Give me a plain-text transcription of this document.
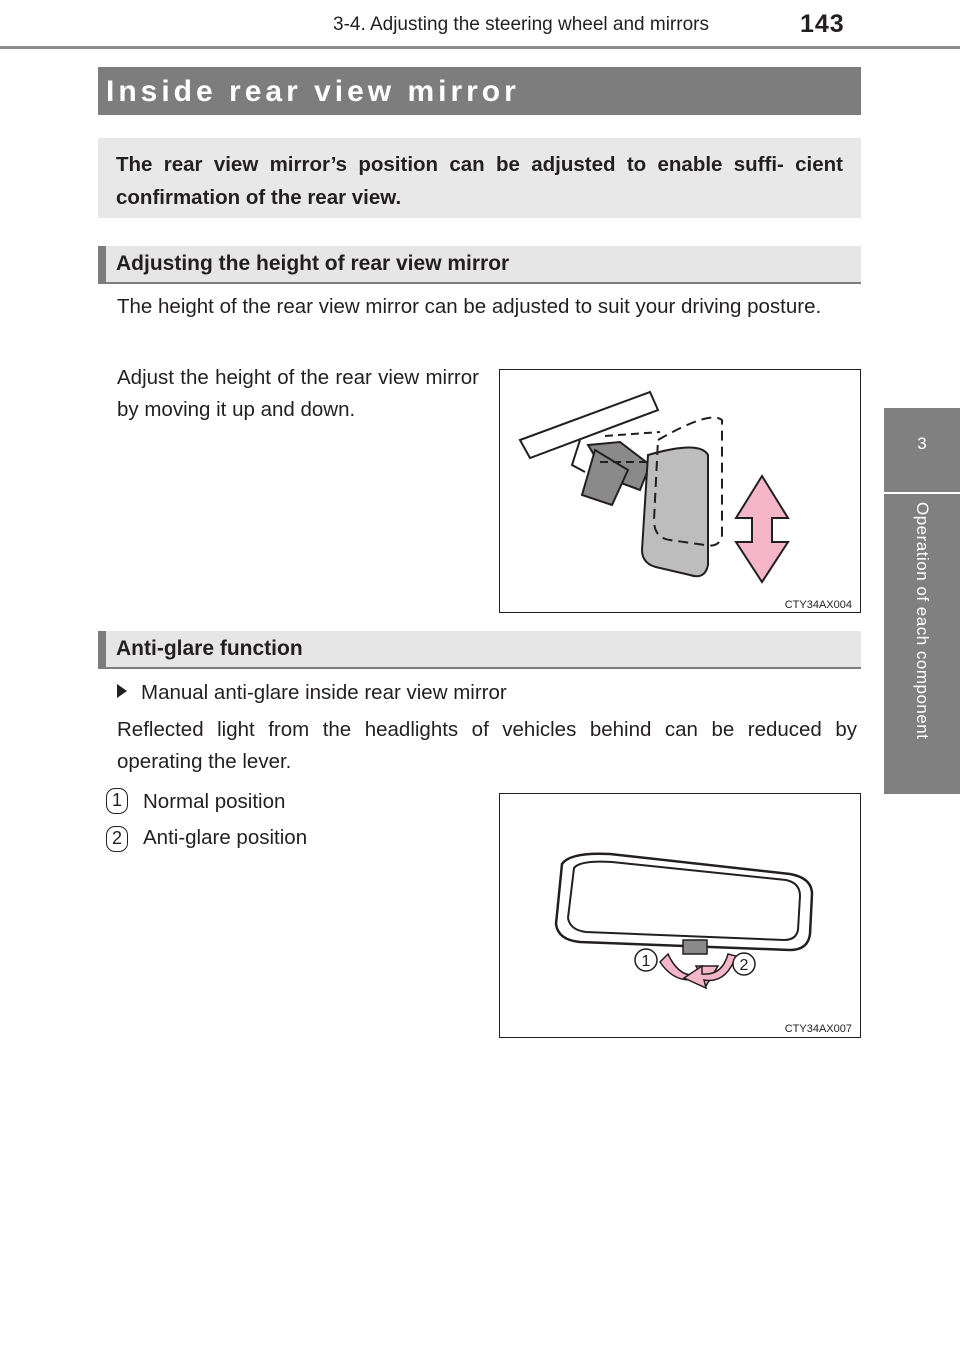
3-4. Adjusting the steering wheel and mirrors	143
3
Operation of each component
Inside rear view mirror
The rear view mirror’s position can be adjusted to enable suffi- cient confirmation of the rear view.
Adjusting the height of rear view mirror
The height of the rear view mirror can be adjusted to suit your driving posture.
Adjust the height of the rear view mirror by moving it up and down.
CTY34AX004
Anti-glare function
Manual anti-glare inside rear view mirror
Reflected light from the headlights of vehicles behind can be reduced by operating the lever.
1 Normal position
2 Anti-glare position
1	2
CTY34AX007
